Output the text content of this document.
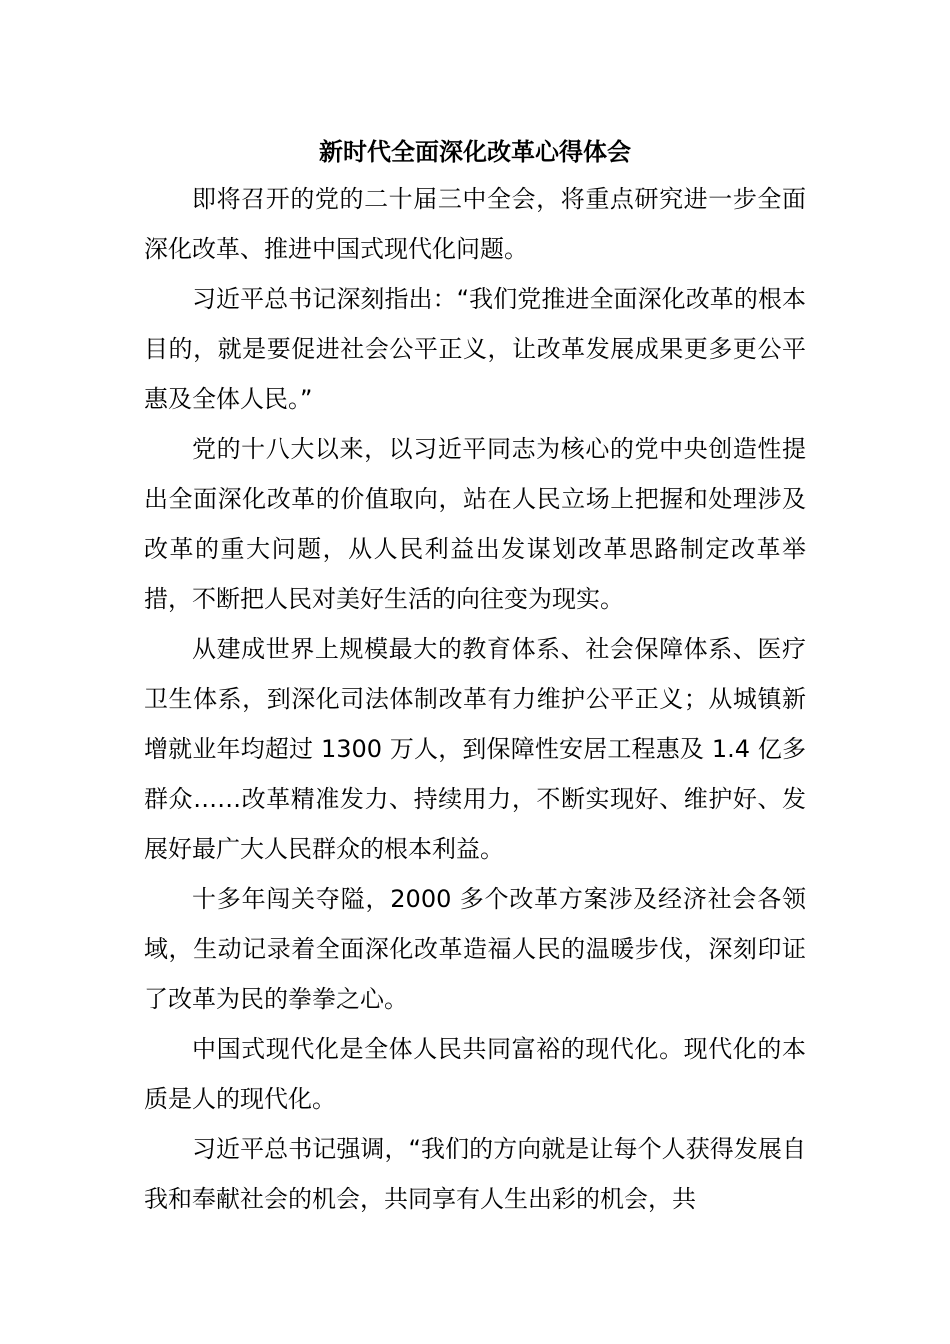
新时代全面深化改革心得体会

即将召开的党的二十届三中全会，将重点研究进一步全面深化改革、推进中国式现代化问题。

习近平总书记深刻指出：“我们党推进全面深化改革的根本目的，就是要促进社会公平正义，让改革发展成果更多更公平惠及全体人民。”

党的十八大以来，以习近平同志为核心的党中央创造性提出全面深化改革的价值取向，站在人民立场上把握和处理涉及改革的重大问题，从人民利益出发谋划改革思路制定改革举措，不断把人民对美好生活的向往变为现实。

从建成世界上规模最大的教育体系、社会保障体系、医疗卫生体系，到深化司法体制改革有力维护公平正义；从城镇新增就业年均超过 1300 万人，到保障性安居工程惠及 1.4 亿多群众……改革精准发力、持续用力，不断实现好、维护好、发展好最广大人民群众的根本利益。

十多年闯关夺隘，2000 多个改革方案涉及经济社会各领域，生动记录着全面深化改革造福人民的温暖步伐，深刻印证了改革为民的拳拳之心。

中国式现代化是全体人民共同富裕的现代化。现代化的本质是人的现代化。

习近平总书记强调，“我们的方向就是让每个人获得发展自我和奉献社会的机会，共同享有人生出彩的机会，共
